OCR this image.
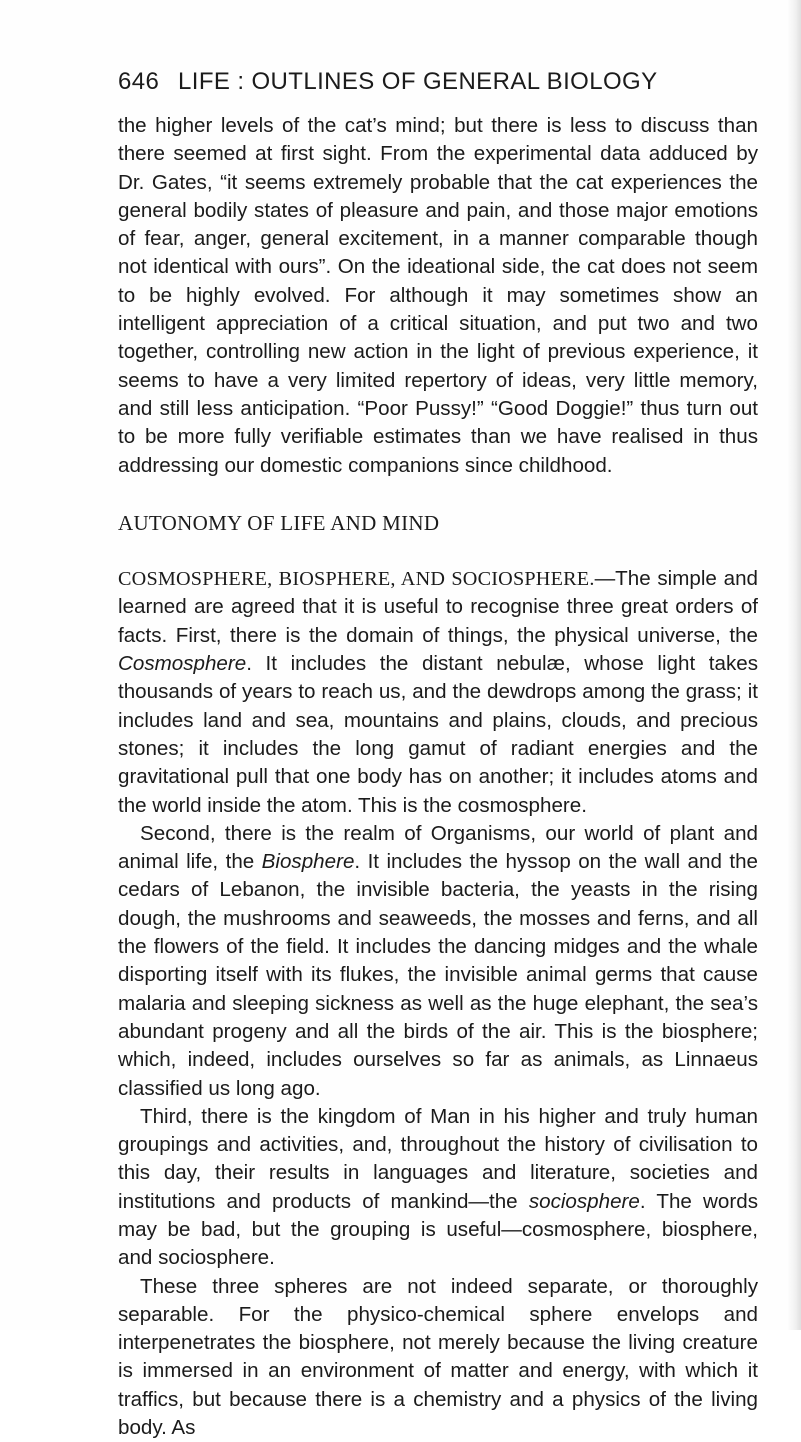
646 LIFE : OUTLINES OF GENERAL BIOLOGY

the higher levels of the cat’s mind; but there is less to discuss than there seemed at first sight. From the experimental data adduced by Dr. Gates, “it seems extremely probable that the cat experiences the general bodily states of pleasure and pain, and those major emotions of fear, anger, general excitement, in a manner comparable though not identical with ours”. On the ideational side, the cat does not seem to be highly evolved. For although it may sometimes show an intelligent appreciation of a critical situation, and put two and two together, controlling new action in the light of previous experience, it seems to have a very limited repertory of ideas, very little memory, and still less anticipation. “Poor Pussy!” “Good Doggie!” thus turn out to be more fully verifiable estimates than we have realised in thus addressing our domestic companions since childhood.

AUTONOMY OF LIFE AND MIND

COSMOSPHERE, BIOSPHERE, AND SOCIOSPHERE.—The simple and learned are agreed that it is useful to recognise three great orders of facts. First, there is the domain of things, the physical universe, the Cosmosphere. It includes the distant nebulæ, whose light takes thousands of years to reach us, and the dewdrops among the grass; it includes land and sea, mountains and plains, clouds, and precious stones; it includes the long gamut of radiant energies and the gravitational pull that one body has on another; it includes atoms and the world inside the atom. This is the cosmosphere.

Second, there is the realm of Organisms, our world of plant and animal life, the Biosphere. It includes the hyssop on the wall and the cedars of Lebanon, the invisible bacteria, the yeasts in the rising dough, the mushrooms and seaweeds, the mosses and ferns, and all the flowers of the field. It includes the dancing midges and the whale disporting itself with its flukes, the invisible animal germs that cause malaria and sleeping sickness as well as the huge elephant, the sea’s abundant progeny and all the birds of the air. This is the biosphere; which, indeed, includes ourselves so far as animals, as Linnaeus classified us long ago.

Third, there is the kingdom of Man in his higher and truly human groupings and activities, and, throughout the history of civilisation to this day, their results in languages and literature, societies and institutions and products of mankind—the sociosphere. The words may be bad, but the grouping is useful—cosmosphere, biosphere, and sociosphere.

These three spheres are not indeed separate, or thoroughly separable. For the physico-chemical sphere envelops and interpenetrates the biosphere, not merely because the living creature is immersed in an environment of matter and energy, with which it traffics, but because there is a chemistry and a physics of the living body. As
